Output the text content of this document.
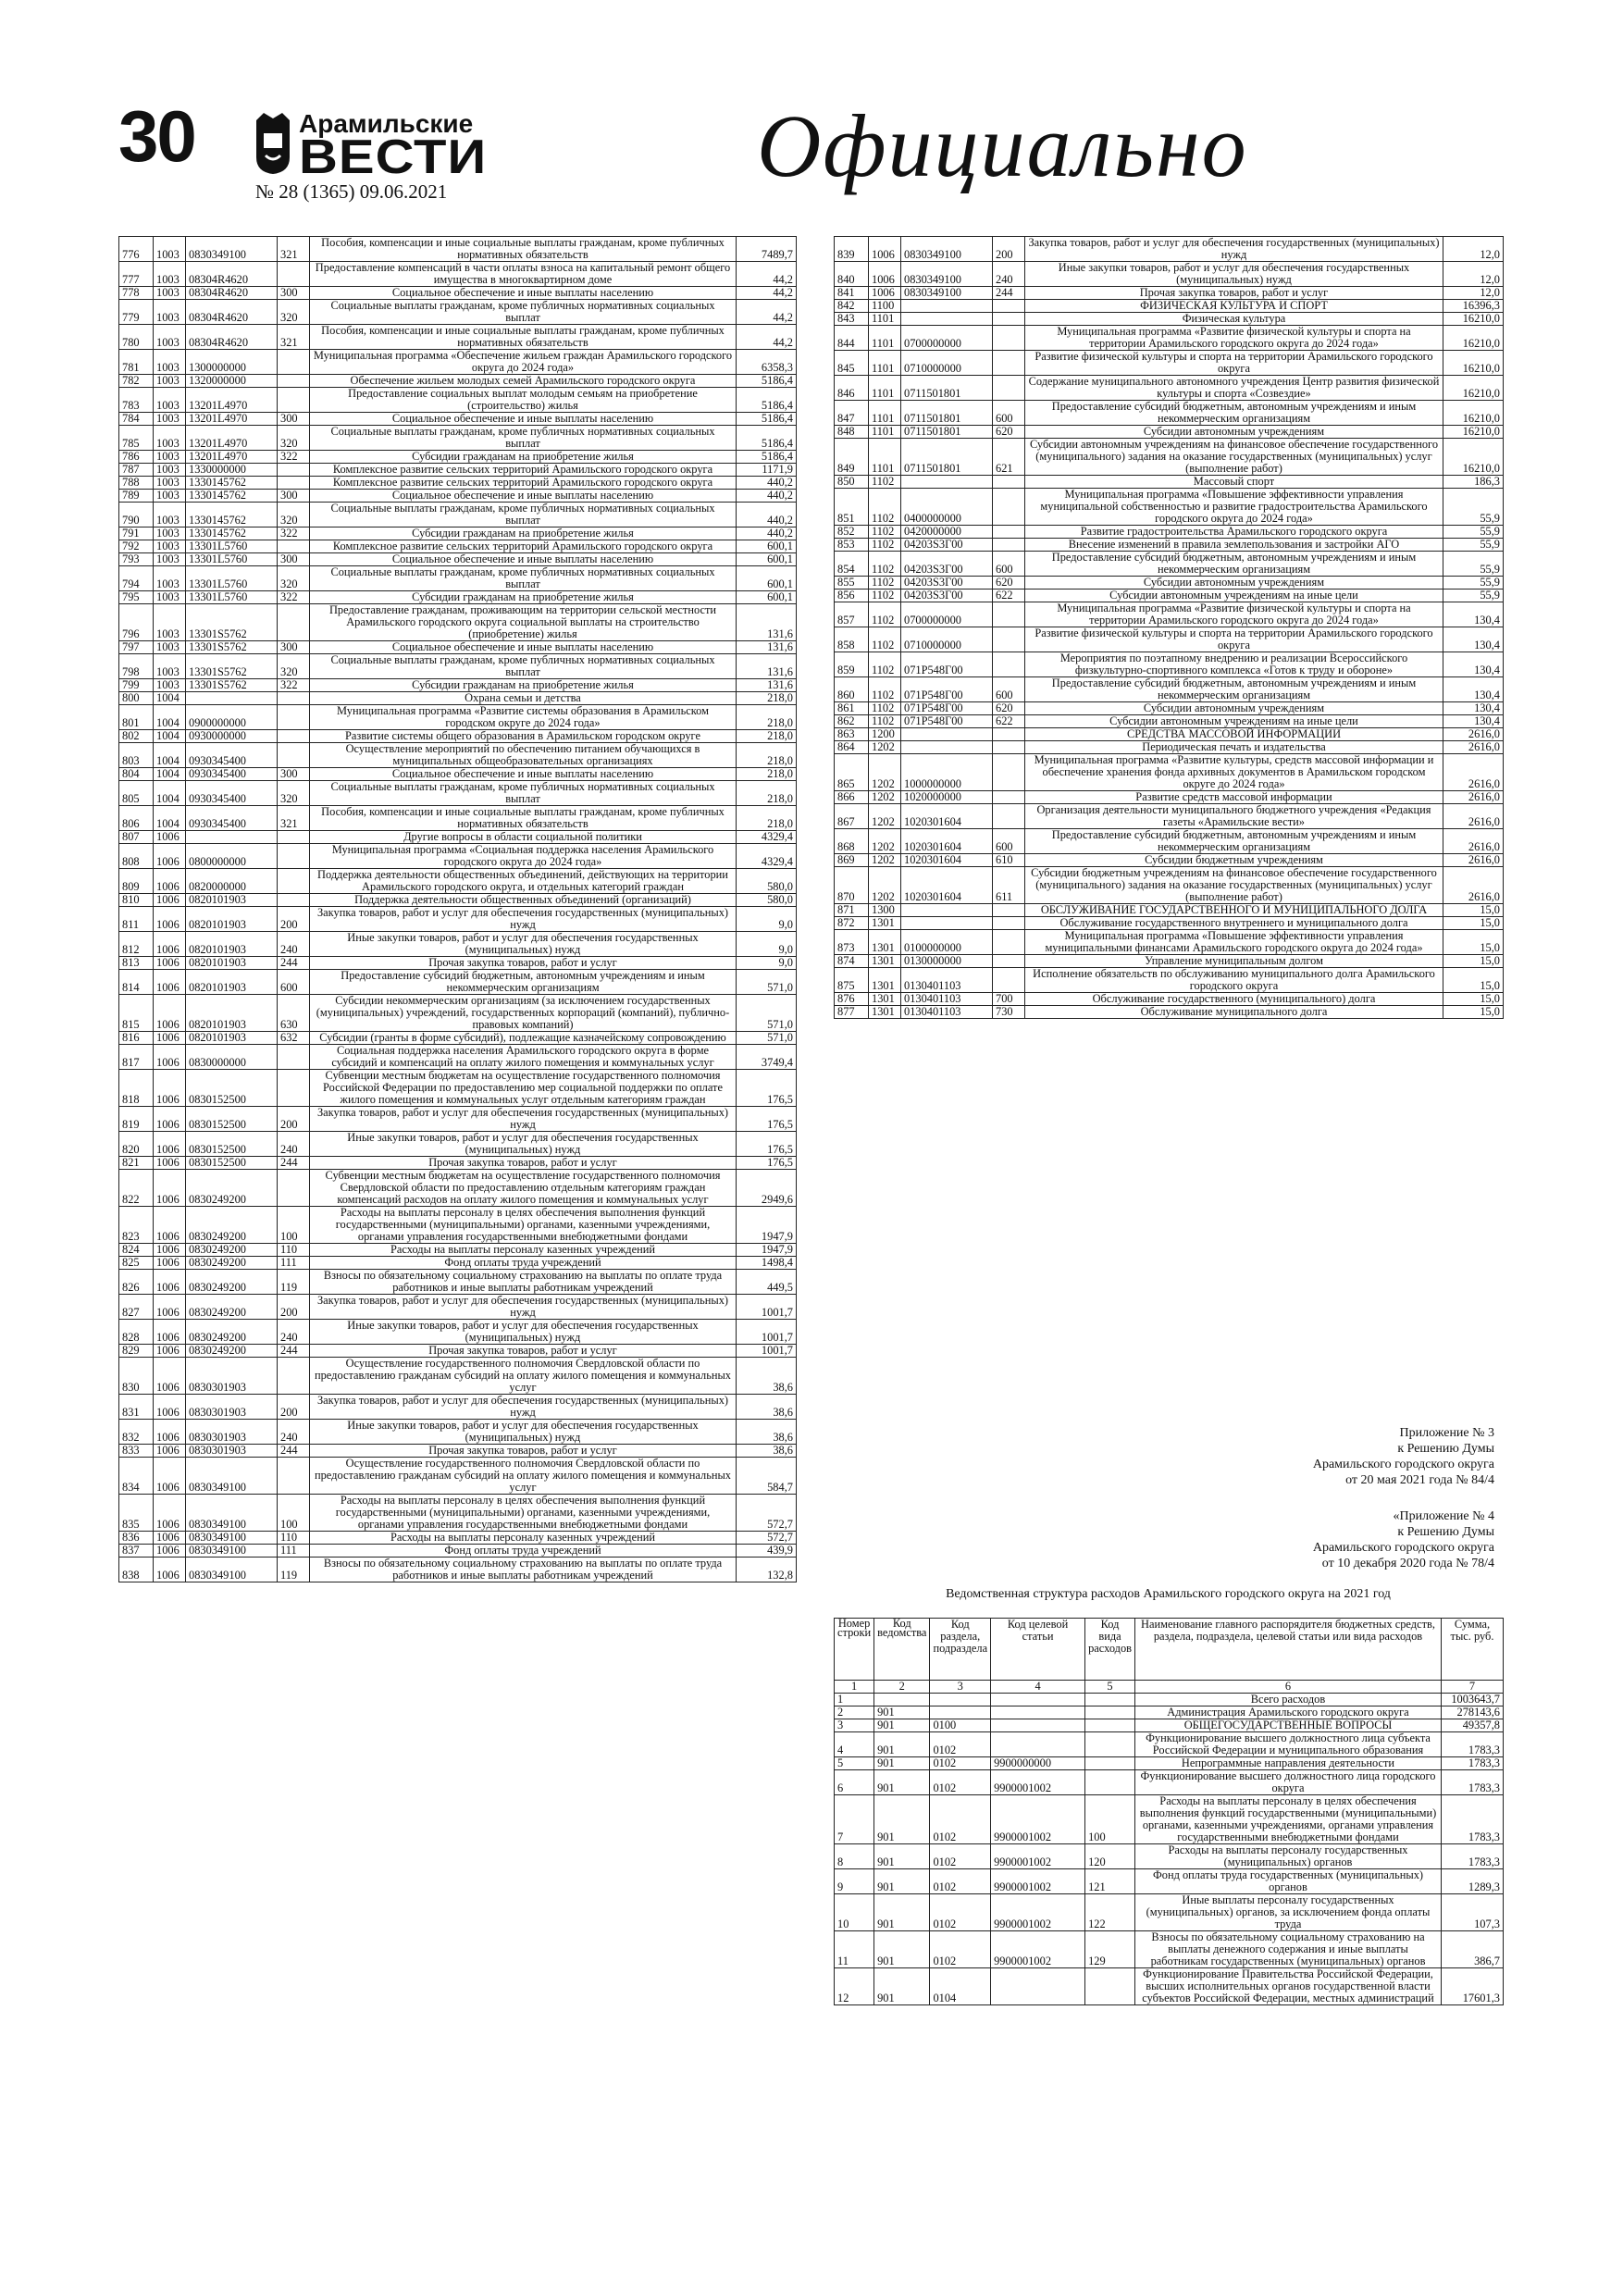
30	Арамильские
ВЕСТИ
№ 28 (1365) 09.06.2021	Официально
776	1003	0830349100	321	Пособия, компенсации и иные социальные выплаты гражданам, кроме публичных нормативных обязательств	7489,7
777	1003	08304R4620		Предоставление компенсаций в части оплаты взноса на капитальный ремонт общего имущества в многоквартирном доме	44,2
778	1003	08304R4620	300	Социальное обеспечение и иные выплаты населению	44,2
779	1003	08304R4620	320	Социальные выплаты гражданам, кроме публичных нормативных социальных выплат	44,2
780	1003	08304R4620	321	Пособия, компенсации и иные социальные выплаты гражданам, кроме публичных нормативных обязательств	44,2
781	1003	1300000000		Муниципальная программа «Обеспечение жильем граждан Арамильского городского округа до 2024 года»	6358,3
782	1003	1320000000		Обеспечение жильем молодых семей Арамильского городского округа	5186,4
783	1003	13201L4970		Предоставление социальных выплат молодым семьям на приобретение (строительство) жилья	5186,4
784	1003	13201L4970	300	Социальное обеспечение и иные выплаты населению	5186,4
785	1003	13201L4970	320	Социальные выплаты гражданам, кроме публичных нормативных социальных выплат	5186,4
786	1003	13201L4970	322	Субсидии гражданам на приобретение жилья	5186,4
787	1003	1330000000		Комплексное развитие сельских территорий Арамильского городского округа	1171,9
788	1003	1330145762		Комплексное развитие сельских территорий Арамильского городского округа	440,2
789	1003	1330145762	300	Социальное обеспечение и иные выплаты населению	440,2
790	1003	1330145762	320	Социальные выплаты гражданам, кроме публичных нормативных социальных выплат	440,2
791	1003	1330145762	322	Субсидии гражданам на приобретение жилья	440,2
792	1003	13301L5760		Комплексное развитие сельских территорий Арамильского городского округа	600,1
793	1003	13301L5760	300	Социальное обеспечение и иные выплаты населению	600,1
794	1003	13301L5760	320	Социальные выплаты гражданам, кроме публичных нормативных социальных выплат	600,1
795	1003	13301L5760	322	Субсидии гражданам на приобретение жилья	600,1
796	1003	13301S5762		Предоставление гражданам, проживающим на территории сельской местности Арамильского городского округа социальной выплаты на строительство (приобретение) жилья	131,6
797	1003	13301S5762	300	Социальное обеспечение и иные выплаты населению	131,6
798	1003	13301S5762	320	Социальные выплаты гражданам, кроме публичных нормативных социальных выплат	131,6
799	1003	13301S5762	322	Субсидии гражданам на приобретение жилья	131,6
800	1004			Охрана семьи и детства	218,0
801	1004	0900000000		Муниципальная программа «Развитие системы образования в Арамильском городском округе до 2024 года»	218,0
802	1004	0930000000		Развитие системы общего образования в Арамильском городском округе	218,0
803	1004	0930345400		Осуществление мероприятий по обеспечению питанием обучающихся в муниципальных общеобразовательных организациях	218,0
804	1004	0930345400	300	Социальное обеспечение и иные выплаты населению	218,0
805	1004	0930345400	320	Социальные выплаты гражданам, кроме публичных нормативных социальных выплат	218,0
806	1004	0930345400	321	Пособия, компенсации и иные социальные выплаты гражданам, кроме публичных нормативных обязательств	218,0
807	1006			Другие вопросы в области социальной политики	4329,4
808	1006	0800000000		Муниципальная программа «Социальная поддержка населения Арамильского городского округа до 2024 года»	4329,4
809	1006	0820000000		Поддержка деятельности общественных объединений, действующих на территории Арамильского городского округа, и отдельных категорий граждан	580,0
810	1006	0820101903		Поддержка деятельности общественных объединений (организаций)	580,0
811	1006	0820101903	200	Закупка товаров, работ и услуг для обеспечения государственных (муниципальных) нужд	9,0
812	1006	0820101903	240	Иные закупки товаров, работ и услуг для обеспечения государственных (муниципальных) нужд	9,0
813	1006	0820101903	244	Прочая закупка товаров, работ и услуг	9,0
814	1006	0820101903	600	Предоставление субсидий бюджетным, автономным учреждениям и иным некоммерческим организациям	571,0
815	1006	0820101903	630	Субсидии некоммерческим организациям (за исключением государственных (муниципальных) учреждений, государственных корпораций (компаний), публично-правовых компаний)	571,0
816	1006	0820101903	632	Субсидии (гранты в форме субсидий), подлежащие казначейскому сопровождению	571,0
817	1006	0830000000		Социальная поддержка населения Арамильского городского округа в форме субсидий и компенсаций на оплату жилого помещения и коммунальных услуг	3749,4
818	1006	0830152500		Субвенции местным бюджетам на осуществление государственного полномочия Российской Федерации по предоставлению мер социальной поддержки по оплате жилого помещения и коммунальных услуг отдельным категориям граждан	176,5
819	1006	0830152500	200	Закупка товаров, работ и услуг для обеспечения государственных (муниципальных) нужд	176,5
820	1006	0830152500	240	Иные закупки товаров, работ и услуг для обеспечения государственных (муниципальных) нужд	176,5
821	1006	0830152500	244	Прочая закупка товаров, работ и услуг	176,5
822	1006	0830249200		Субвенции местным бюджетам на осуществление государственного полномочия Свердловской области по предоставлению отдельным категориям граждан компенсаций расходов на оплату жилого помещения и коммунальных услуг	2949,6
823	1006	0830249200	100	Расходы на выплаты персоналу в целях обеспечения выполнения функций государственными (муниципальными) органами, казенными учреждениями, органами управления государственными внебюджетными фондами	1947,9
824	1006	0830249200	110	Расходы на выплаты персоналу казенных учреждений	1947,9
825	1006	0830249200	111	Фонд оплаты труда учреждений	1498,4
826	1006	0830249200	119	Взносы по обязательному социальному страхованию на выплаты по оплате труда работников и иные выплаты работникам учреждений	449,5
827	1006	0830249200	200	Закупка товаров, работ и услуг для обеспечения государственных (муниципальных) нужд	1001,7
828	1006	0830249200	240	Иные закупки товаров, работ и услуг для обеспечения государственных (муниципальных) нужд	1001,7
829	1006	0830249200	244	Прочая закупка товаров, работ и услуг	1001,7
830	1006	0830301903		Осуществление государственного полномочия Свердловской области по предоставлению гражданам субсидий на оплату жилого помещения и коммунальных услуг	38,6
831	1006	0830301903	200	Закупка товаров, работ и услуг для обеспечения государственных (муниципальных) нужд	38,6
832	1006	0830301903	240	Иные закупки товаров, работ и услуг для обеспечения государственных (муниципальных) нужд	38,6
833	1006	0830301903	244	Прочая закупка товаров, работ и услуг	38,6
834	1006	0830349100		Осуществление государственного полномочия Свердловской области по предоставлению гражданам субсидий на оплату жилого помещения и коммунальных услуг	584,7
835	1006	0830349100	100	Расходы на выплаты персоналу в целях обеспечения выполнения функций государственными (муниципальными) органами, казенными учреждениями, органами управления государственными внебюджетными фондами	572,7
836	1006	0830349100	110	Расходы на выплаты персоналу казенных учреждений	572,7
837	1006	0830349100	111	Фонд оплаты труда учреждений	439,9
838	1006	0830349100	119	Взносы по обязательному социальному страхованию на выплаты по оплате труда работников и иные выплаты работникам учреждений	132,8
839	1006	0830349100	200	Закупка товаров, работ и услуг для обеспечения государственных (муниципальных) нужд	12,0
840	1006	0830349100	240	Иные закупки товаров, работ и услуг для обеспечения государственных (муниципальных) нужд	12,0
841	1006	0830349100	244	Прочая закупка товаров, работ и услуг	12,0
842	1100			ФИЗИЧЕСКАЯ КУЛЬТУРА И СПОРТ	16396,3
843	1101			Физическая культура	16210,0
844	1101	0700000000		Муниципальная программа «Развитие физической культуры и спорта на территории Арамильского городского округа до 2024 года»	16210,0
845	1101	0710000000		Развитие физической культуры и спорта на территории Арамильского городского округа	16210,0
846	1101	0711501801		Содержание муниципального автономного учреждения Центр развития физической культуры и спорта «Созвездие»	16210,0
847	1101	0711501801	600	Предоставление субсидий бюджетным, автономным учреждениям и иным некоммерческим организациям	16210,0
848	1101	0711501801	620	Субсидии автономным учреждениям	16210,0
849	1101	0711501801	621	Субсидии автономным учреждениям на финансовое обеспечение государственного (муниципального) задания на оказание государственных (муниципальных) услуг (выполнение работ)	16210,0
850	1102			Массовый спорт	186,3
851	1102	0400000000		Муниципальная программа «Повышение эффективности управления муниципальной собственностью и развитие градостроительства Арамильского городского округа до 2024 года»	55,9
852	1102	0420000000		Развитие градостроительства Арамильского городского округа	55,9
853	1102	04203S3Г00		Внесение изменений в правила землепользования и застройки АГО	55,9
854	1102	04203S3Г00	600	Предоставление субсидий бюджетным, автономным учреждениям и иным некоммерческим организациям	55,9
855	1102	04203S3Г00	620	Субсидии автономным учреждениям	55,9
856	1102	04203S3Г00	622	Субсидии автономным учреждениям на иные цели	55,9
857	1102	0700000000		Муниципальная программа «Развитие физической культуры и спорта на территории Арамильского городского округа до 2024 года»	130,4
858	1102	0710000000		Развитие физической культуры и спорта на территории Арамильского городского округа	130,4
859	1102	071P548Г00		Мероприятия по поэтапному внедрению и реализации Всероссийского физкультурно-спортивного комплекса «Готов к труду и обороне»	130,4
860	1102	071P548Г00	600	Предоставление субсидий бюджетным, автономным учреждениям и иным некоммерческим организациям	130,4
861	1102	071P548Г00	620	Субсидии автономным учреждениям	130,4
862	1102	071P548Г00	622	Субсидии автономным учреждениям на иные цели	130,4
863	1200			СРЕДСТВА МАССОВОЙ ИНФОРМАЦИИ	2616,0
864	1202			Периодическая печать и издательства	2616,0
865	1202	1000000000		Муниципальная программа «Развитие культуры, средств массовой информации и обеспечение хранения фонда архивных документов в Арамильском городском округе до 2024 года»	2616,0
866	1202	1020000000		Развитие средств массовой информации	2616,0
867	1202	1020301604		Организация деятельности муниципального бюджетного учреждения «Редакция газеты «Арамильские вести»	2616,0
868	1202	1020301604	600	Предоставление субсидий бюджетным, автономным учреждениям и иным некоммерческим организациям	2616,0
869	1202	1020301604	610	Субсидии бюджетным учреждениям	2616,0
870	1202	1020301604	611	Субсидии бюджетным учреждениям на финансовое обеспечение государственного (муниципального) задания на оказание государственных (муниципальных) услуг (выполнение работ)	2616,0
871	1300			ОБСЛУЖИВАНИЕ ГОСУДАРСТВЕННОГО И МУНИЦИПАЛЬНОГО ДОЛГА	15,0
872	1301			Обслуживание государственного внутреннего и муниципального долга	15,0
873	1301	0100000000		Муниципальная программа «Повышение эффективности управления муниципальными финансами Арамильского городского округа до 2024 года»	15,0
874	1301	0130000000		Управление муниципальным долгом	15,0
875	1301	0130401103		Исполнение обязательств по обслуживанию муниципального долга Арамильского городского округа	15,0
876	1301	0130401103	700	Обслуживание государственного (муниципального) долга	15,0
877	1301	0130401103	730	Обслуживание муниципального долга	15,0
Приложение № 3
к Решению Думы
Арамильского городского округа
от 20 мая 2021 года № 84/4
«Приложение № 4
к Решению Думы
Арамильского городского округа
от 10 декабря 2020 года № 78/4
Ведомственная структура расходов Арамильского городского округа на 2021 год
Номер строки	Код ведомства	Код раздела, подраздела	Код целевой статьи	Код вида расходов	Наименование главного распорядителя бюджетных средств, раздела, подраздела, целевой статьи или вида расходов	Сумма, тыс. руб.
1	2	3	4	5	6	7
1					Всего расходов	1003643,7
2	901				Администрация Арамильского городского округа	278143,6
3	901	0100			ОБЩЕГОСУДАРСТВЕННЫЕ ВОПРОСЫ	49357,8
4	901	0102			Функционирование высшего должностного лица субъекта Российской Федерации и муниципального образования	1783,3
5	901	0102	9900000000		Непрограммные направления деятельности	1783,3
6	901	0102	9900001002		Функционирование высшего должностного лица городского округа	1783,3
7	901	0102	9900001002	100	Расходы на выплаты персоналу в целях обеспечения выполнения функций государственными (муниципальными) органами, казенными учреждениями, органами управления государственными внебюджетными фондами	1783,3
8	901	0102	9900001002	120	Расходы на выплаты персоналу государственных (муниципальных) органов	1783,3
9	901	0102	9900001002	121	Фонд оплаты труда государственных (муниципальных) органов	1289,3
10	901	0102	9900001002	122	Иные выплаты персоналу государственных (муниципальных) органов, за исключением фонда оплаты труда	107,3
11	901	0102	9900001002	129	Взносы по обязательному социальному страхованию на выплаты денежного содержания и иные выплаты работникам государственных (муниципальных) органов	386,7
12	901	0104			Функционирование Правительства Российской Федерации, высших исполнительных органов государственной власти субъектов Российской Федерации, местных администраций	17601,3
